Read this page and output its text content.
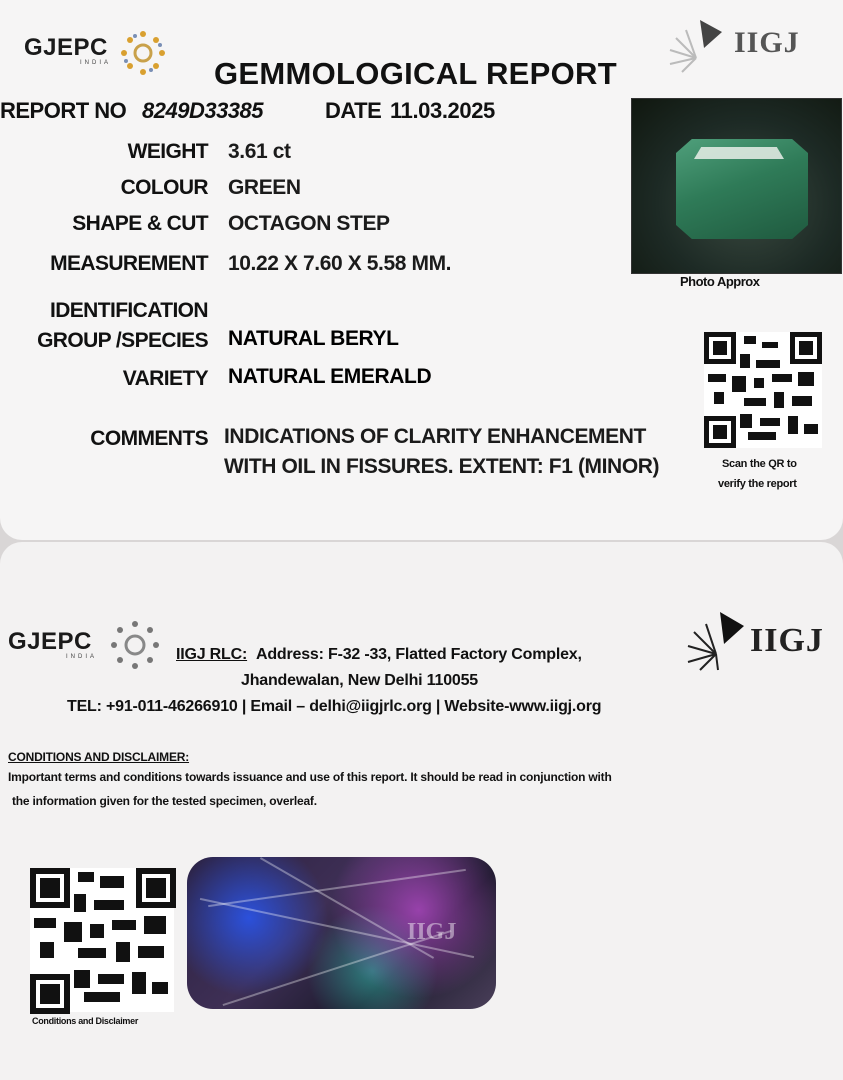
GJEPC
INDIA
IIGJ
GEMMOLOGICAL REPORT
REPORT NO 8249D33385	DATE 11.03.2025
WEIGHT 3.61 ct
COLOUR GREEN
SHAPE & CUT OCTAGON STEP
MEASUREMENT 10.22 X 7.60 X 5.58 MM.
IDENTIFICATION
GROUP /SPECIES NATURAL BERYL
VARIETY NATURAL EMERALD
COMMENTS INDICATIONS OF CLARITY ENHANCEMENT
WITH OIL IN FISSURES. EXTENT: F1 (MINOR)
Photo Approx
Scan the QR to
verify the report
GJEPC
INDIA	IIGJ
IIGJ RLC: Address: F-32 -33, Flatted Factory Complex,
Jhandewalan, New Delhi 110055
TEL: +91-011-46266910 | Email – delhi@iigjrlc.org | Website-www.iigj.org
CONDITIONS AND DISCLAIMER:
Important terms and conditions towards issuance and use of this report. It should be read in conjunction with
the information given for the tested specimen, overleaf.
Conditions and Disclaimer
IIGJ
